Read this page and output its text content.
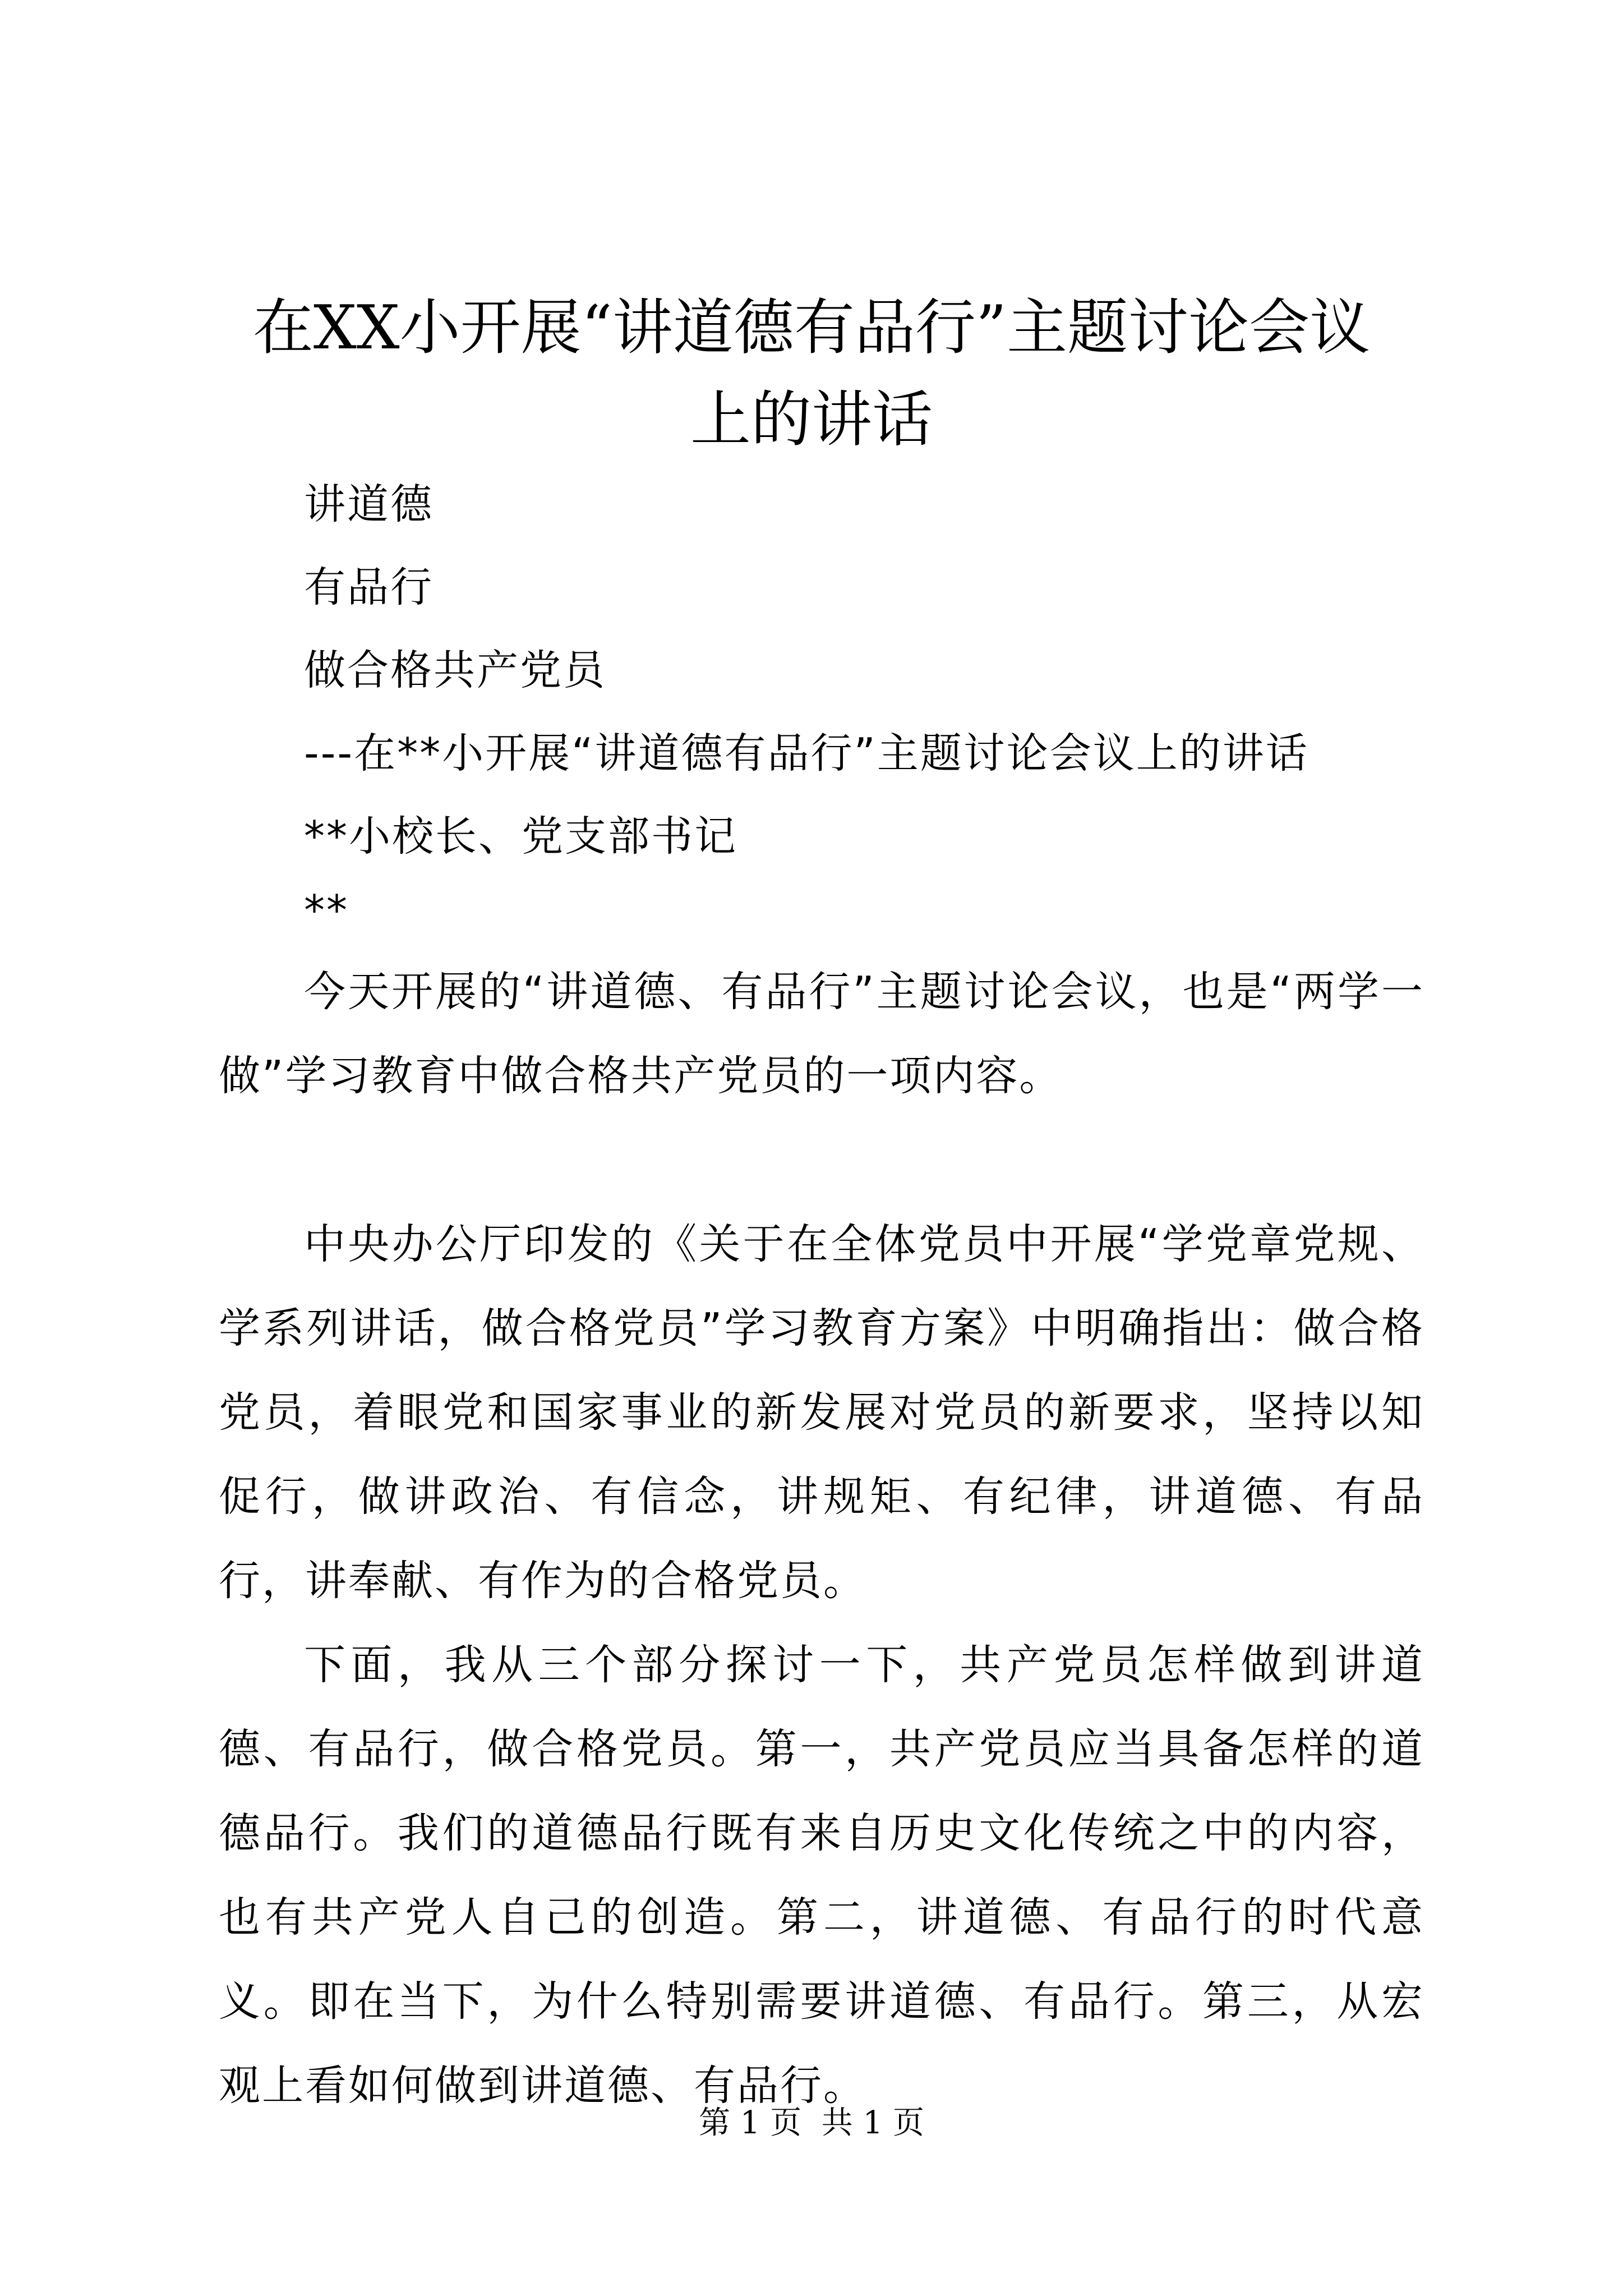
在XX小开展“讲道德有品行”主题讨论会议
上的讲话
讲道德
有品行
做合格共产党员
---在**小开展“讲道德有品行”主题讨论会议上的讲话
**小校长、党支部书记
**

今天开展的“讲道德、有品行”主题讨论会议，也是“两学一做”学习教育中做合格共产党员的一项内容。

中央办公厅印发的《关于在全体党员中开展“学党章党规、学系列讲话，做合格党员”学习教育方案》中明确指出：做合格党员，着眼党和国家事业的新发展对党员的新要求，坚持以知促行，做讲政治、有信念，讲规矩、有纪律，讲道德、有品行，讲奉献、有作为的合格党员。

下面，我从三个部分探讨一下，共产党员怎样做到讲道德、有品行，做合格党员。第一，共产党员应当具备怎样的道德品行。我们的道德品行既有来自历史文化传统之中的内容，也有共产党人自己的创造。第二，讲道德、有品行的时代意义。即在当下，为什么特别需要讲道德、有品行。第三，从宏观上看如何做到讲道德、有品行。

第 1 页  共 1 页
